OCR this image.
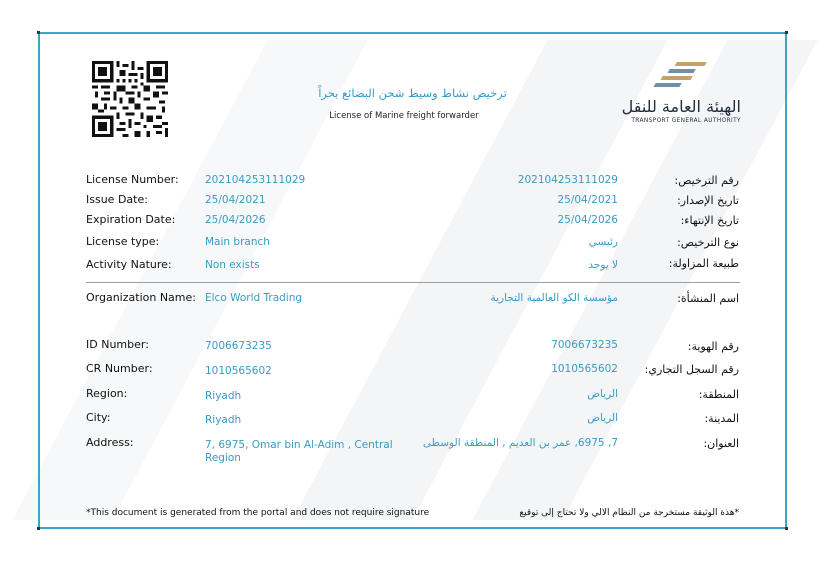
ترخيص نشاط وسيط شحن البضائع بحراً
License of Marine freight forwarder	الهيئة العامة للنقل
TRANSPORT GENERAL AUTHORITY
License Number:	202104253111029	202104253111029	رقم الترخيص:
Issue Date:	25/04/2021	25/04/2021	تاريخ الإصدار:
Expiration Date:	25/04/2026	25/04/2026	تاريخ الإنتهاء:
License type:	Main branch	رئيسي	نوع الترخيص:
Activity Nature:	Non exists	لا يوجد	طبيعة المزاولة:
Organization Name: Elco World Trading	مؤسسة الكو العالمية التجارية	اسم المنشأة:
ID Number:	7006673235	7006673235	رقم الهوية:
CR Number:	1010565602	1010565602 رقم السجل التجاري:
Region:	Riyadh	الرياض	المنطقة:
City:	Riyadh	الرياض	المدينة:
Address:	7, 6975, Omar bin Al-Adim , Central
Region
7, 6975, عمر بن العديم , المنطقة الوسطى	العنوان:
*This document is generated from the portal and does not require signature	*هذة الوثيقة مستخرجة من النظام الالي ولا تحتاج إلى توقيع
